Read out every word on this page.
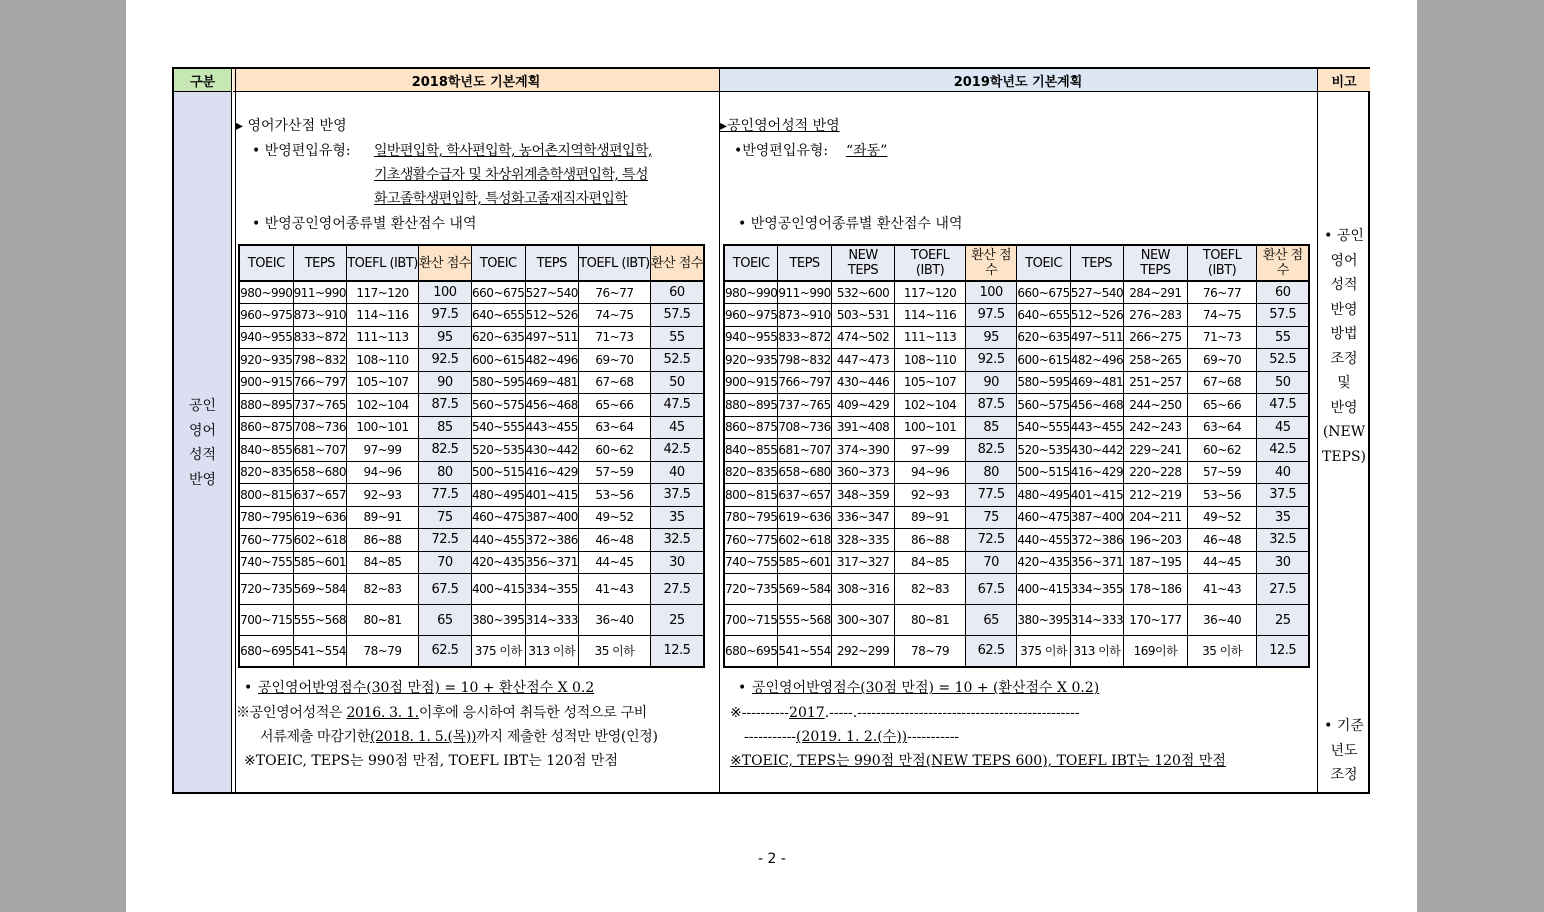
구분	2018학년도 기본계획	2019학년도 기본계획	비고
공인
영어
성적
반영
▸ 영어가산점 반영
• 반영편입유형: 일반편입학, 학사편입학, 농어촌지역학생편입학,
기초생활수급자 및 차상위계층학생편입학, 특성
화고졸학생편입학, 특성화고졸재직자편입학
• 반영공인영어종류별 환산점수 내역
TOEIC	TEPS	TOEFL (IBT)	환산 점수	TOEIC	TEPS	TOEFL (IBT)	환산 점수
980~990	911~990	117~120	100	660~675	527~540	76~77	60
960~975	873~910	114~116	97.5	640~655	512~526	74~75	57.5
940~955	833~872	111~113	95	620~635	497~511	71~73	55
920~935	798~832	108~110	92.5	600~615	482~496	69~70	52.5
900~915	766~797	105~107	90	580~595	469~481	67~68	50
880~895	737~765	102~104	87.5	560~575	456~468	65~66	47.5
860~875	708~736	100~101	85	540~555	443~455	63~64	45
840~855	681~707	97~99	82.5	520~535	430~442	60~62	42.5
820~835	658~680	94~96	80	500~515	416~429	57~59	40
800~815	637~657	92~93	77.5	480~495	401~415	53~56	37.5
780~795	619~636	89~91	75	460~475	387~400	49~52	35
760~775	602~618	86~88	72.5	440~455	372~386	46~48	32.5
740~755	585~601	84~85	70	420~435	356~371	44~45	30
720~735	569~584	82~83	67.5	400~415	334~355	41~43	27.5
700~715	555~568	80~81	65	380~395	314~333	36~40	25
680~695	541~554	78~79	62.5	375 이하	313 이하	35 이하	12.5
• 공인영어반영점수(30점 만점) = 10 + 환산점수 X 0.2
※공인영어성적은 2016. 3. 1.이후에 응시하여 취득한 성적으로 구비
서류제출 마감기한(2018. 1. 5.(목))까지 제출한 성적만 반영(인정)
※TOEIC, TEPS는 990점 만점, TOEFL IBT는 120점 만점
▸공인영어성적 반영
•반영편입유형: “좌동”
• 반영공인영어종류별 환산점수 내역
TOEIC	TEPS	NEW TEPS	TOEFL (IBT)	환산 점수	TOEIC	TEPS	NEW TEPS	TOEFL (IBT)	환산 점수
980~990	911~990	532~600	117~120	100	660~675	527~540	284~291	76~77	60
960~975	873~910	503~531	114~116	97.5	640~655	512~526	276~283	74~75	57.5
940~955	833~872	474~502	111~113	95	620~635	497~511	266~275	71~73	55
920~935	798~832	447~473	108~110	92.5	600~615	482~496	258~265	69~70	52.5
900~915	766~797	430~446	105~107	90	580~595	469~481	251~257	67~68	50
880~895	737~765	409~429	102~104	87.5	560~575	456~468	244~250	65~66	47.5
860~875	708~736	391~408	100~101	85	540~555	443~455	242~243	63~64	45
840~855	681~707	374~390	97~99	82.5	520~535	430~442	229~241	60~62	42.5
820~835	658~680	360~373	94~96	80	500~515	416~429	220~228	57~59	40
800~815	637~657	348~359	92~93	77.5	480~495	401~415	212~219	53~56	37.5
780~795	619~636	336~347	89~91	75	460~475	387~400	204~211	49~52	35
760~775	602~618	328~335	86~88	72.5	440~455	372~386	196~203	46~48	32.5
740~755	585~601	317~327	84~85	70	420~435	356~371	187~195	44~45	30
720~735	569~584	308~316	82~83	67.5	400~415	334~355	178~186	41~43	27.5
700~715	555~568	300~307	80~81	65	380~395	314~333	170~177	36~40	25
680~695	541~554	292~299	78~79	62.5	375 이하	313 이하	169이하	35 이하	12.5
• 공인영어반영점수(30점 만점) = 10 + (환산점수 X 0.2)
※----------2017.-----.-----------------------------------------------
-----------(2019. 1. 2.(수))-----------
※TOEIC, TEPS는 990점 만점(NEW TEPS 600), TOEFL IBT는 120점 만점
• 공인
영어
성적
반영
방법
조정
및
반영
(NEW
TEPS)
• 기준
년도
조정
- 2 -
